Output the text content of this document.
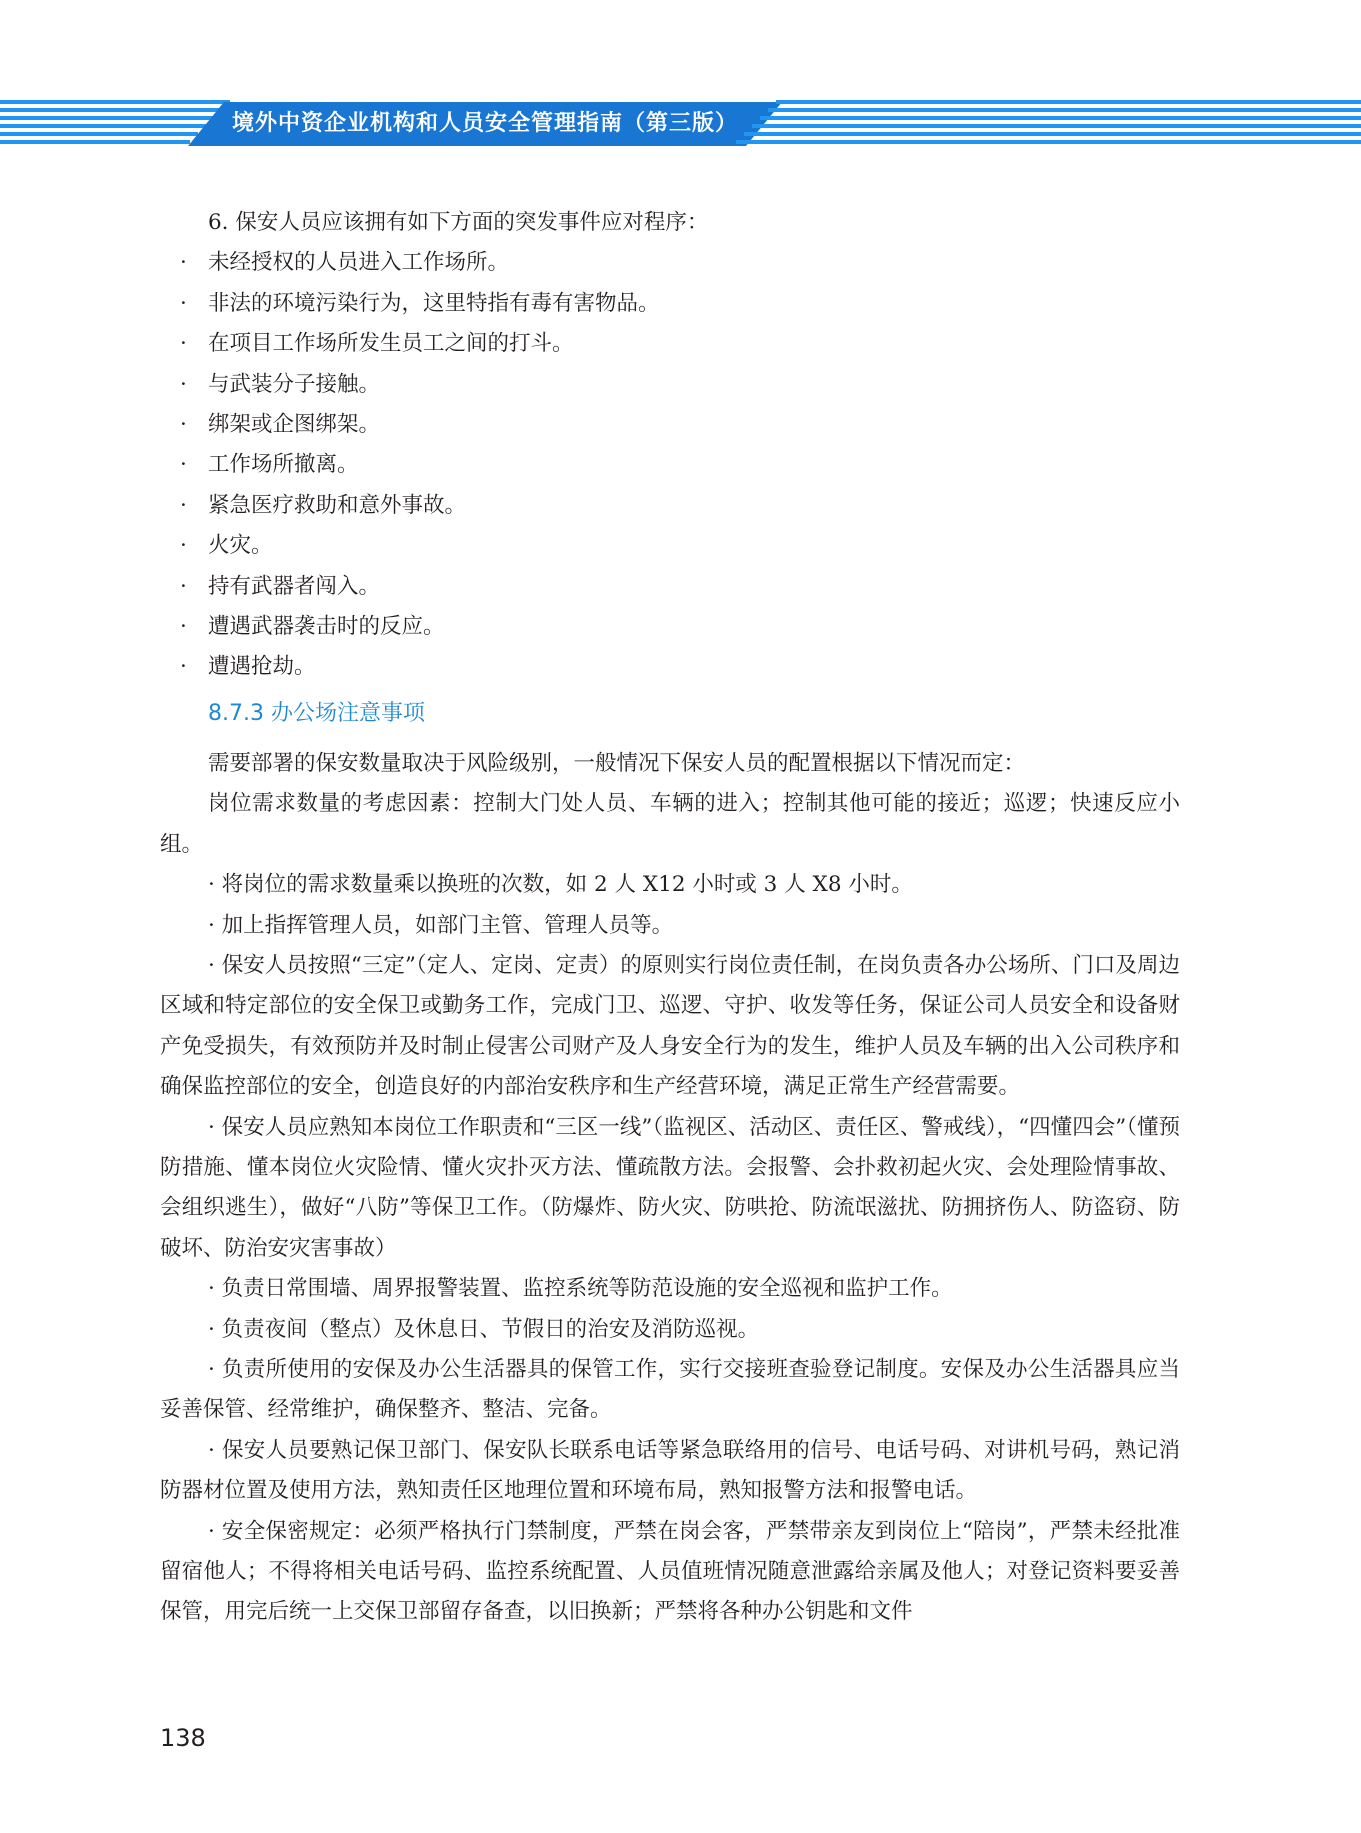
境外中资企业机构和人员安全管理指南（第三版）

6. 保安人员应该拥有如下方面的突发事件应对程序：

· 未经授权的人员进入工作场所。

· 非法的环境污染行为，这里特指有毒有害物品。

· 在项目工作场所发生员工之间的打斗。

· 与武装分子接触。

· 绑架或企图绑架。

· 工作场所撤离。

· 紧急医疗救助和意外事故。

· 火灾。

· 持有武器者闯入。

· 遭遇武器袭击时的反应。

· 遭遇抢劫。

8.7.3 办公场注意事项

需要部署的保安数量取决于风险级别，一般情况下保安人员的配置根据以下情况而定：

岗位需求数量的考虑因素：控制大门处人员、车辆的进入；控制其他可能的接近；巡逻；快速反应小组。

· 将岗位的需求数量乘以换班的次数，如 2 人 X12 小时或 3 人 X8 小时。

· 加上指挥管理人员，如部门主管、管理人员等。

· 保安人员按照“三定”（定人、定岗、定责）的原则实行岗位责任制，在岗负责各办公场所、门口及周边区域和特定部位的安全保卫或勤务工作，完成门卫、巡逻、守护、收发等任务，保证公司人员安全和设备财产免受损失，有效预防并及时制止侵害公司财产及人身安全行为的发生，维护人员及车辆的出入公司秩序和确保监控部位的安全，创造良好的内部治安秩序和生产经营环境，满足正常生产经营需要。

· 保安人员应熟知本岗位工作职责和“三区一线”（监视区、活动区、责任区、警戒线），“四懂四会”（懂预防措施、懂本岗位火灾险情、懂火灾扑灭方法、懂疏散方法。会报警、会扑救初起火灾、会处理险情事故、会组织逃生），做好“八防”等保卫工作。（防爆炸、防火灾、防哄抢、防流氓滋扰、防拥挤伤人、防盗窃、防破坏、防治安灾害事故）

· 负责日常围墙、周界报警装置、监控系统等防范设施的安全巡视和监护工作。

· 负责夜间（整点）及休息日、节假日的治安及消防巡视。

· 负责所使用的安保及办公生活器具的保管工作，实行交接班查验登记制度。安保及办公生活器具应当妥善保管、经常维护，确保整齐、整洁、完备。

· 保安人员要熟记保卫部门、保安队长联系电话等紧急联络用的信号、电话号码、对讲机号码，熟记消防器材位置及使用方法，熟知责任区地理位置和环境布局，熟知报警方法和报警电话。

· 安全保密规定：必须严格执行门禁制度，严禁在岗会客，严禁带亲友到岗位上“陪岗”，严禁未经批准留宿他人；不得将相关电话号码、监控系统配置、人员值班情况随意泄露给亲属及他人；对登记资料要妥善保管，用完后统一上交保卫部留存备查，以旧换新；严禁将各种办公钥匙和文件

138
